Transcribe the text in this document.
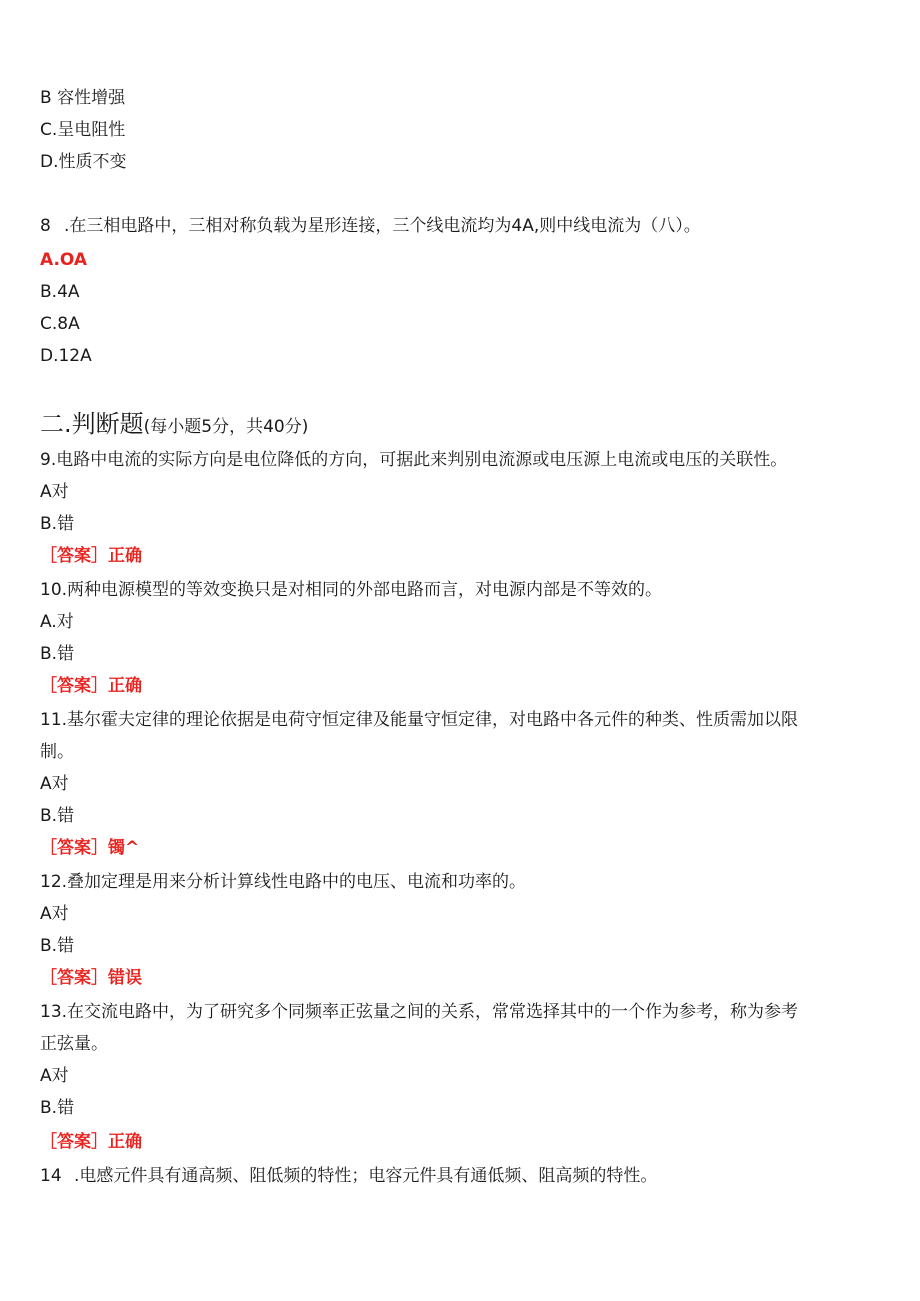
B 容性增强
C.呈电阻性
D.性质不变
8 .在三相电路中，三相对称负载为星形连接，三个线电流均为4A,则中线电流为（八）。
A.OA
B.4A
C.8A
D.12A
二.判断题(每小题5分，共40分)
9.电路中电流的实际方向是电位降低的方向，可据此来判别电流源或电压源上电流或电压的关联性。
A对
B.错
［答案］正确
10.两种电源模型的等效变换只是对相同的外部电路而言，对电源内部是不等效的。
A.对
B.错
［答案］正确
11.基尔霍夫定律的理论依据是电荷守恒定律及能量守恒定律，对电路中各元件的种类、性质需加以限
制。
A对
B.错
［答案］镯^
12.叠加定理是用来分析计算线性电路中的电压、电流和功率的。
A对
B.错
［答案］错误
13.在交流电路中，为了研究多个同频率正弦量之间的关系，常常选择其中的一个作为参考，称为参考
正弦量。
A对
B.错
［答案］正确
14 .电感元件具有通高频、阻低频的特性；电容元件具有通低频、阻高频的特性。
